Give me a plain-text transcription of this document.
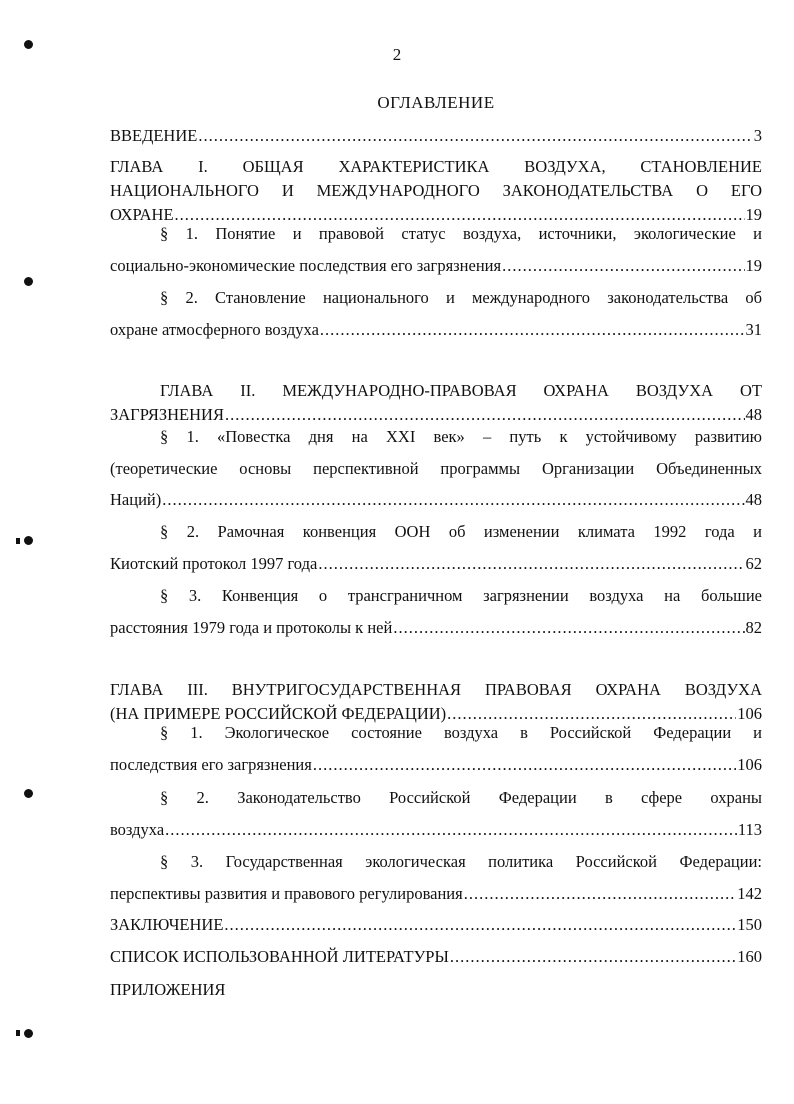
2
ОГЛАВЛЕНИЕ
ВВЕДЕНИЕ .....	3
ГЛАВА I. ОБЩАЯ ХАРАКТЕРИСТИКА ВОЗДУХА, СТАНОВЛЕНИЕ
НАЦИОНАЛЬНОГО И МЕЖДУНАРОДНОГО ЗАКОНОДАТЕЛЬСТВА О ЕГО
ОХРАНЕ .....	19
§ 1. Понятие и правовой статус воздуха, источники, экологические и
социально-экономические последствия его загрязнения .....	19
§ 2. Становление национального и международного законодательства об
охране атмосферного воздуха .....	31
ГЛАВА II. МЕЖДУНАРОДНО-ПРАВОВАЯ ОХРАНА ВОЗДУХА ОТ
ЗАГРЯЗНЕНИЯ .....	48
§ 1. «Повестка дня на XXI век» – путь к устойчивому развитию
(теоретические основы перспективной программы Организации Объединенных
Наций) .....	48
§ 2. Рамочная конвенция ООН об изменении климата 1992 года и
Киотский протокол 1997 года .....	62
§ 3. Конвенция о трансграничном загрязнении воздуха на большие
расстояния 1979 года и протоколы к ней .....	82
ГЛАВА III. ВНУТРИГОСУДАРСТВЕННАЯ ПРАВОВАЯ ОХРАНА ВОЗДУХА
(НА ПРИМЕРЕ РОССИЙСКОЙ ФЕДЕРАЦИИ) .....	106
§ 1. Экологическое состояние воздуха в Российской Федерации и
последствия его загрязнения .....	106
§ 2. Законодательство Российской Федерации в сфере охраны
воздуха .....	113
§ 3. Государственная экологическая политика Российской Федерации:
перспективы развития и правового регулирования .....	142
ЗАКЛЮЧЕНИЕ .....	150
СПИСОК ИСПОЛЬЗОВАННОЙ ЛИТЕРАТУРЫ .....	160
ПРИЛОЖЕНИЯ
